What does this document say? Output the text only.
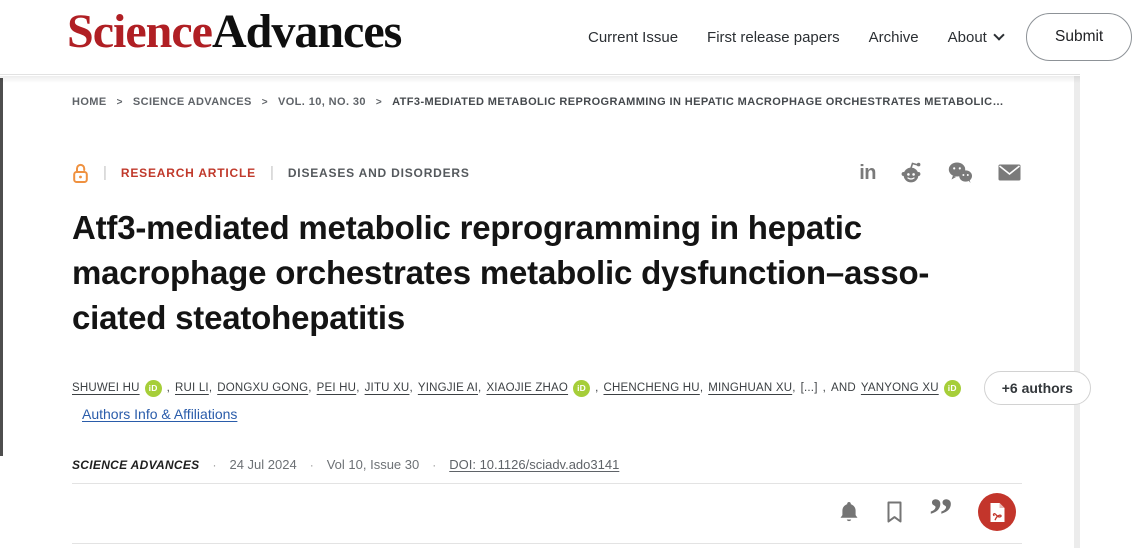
ScienceAdvances	Current Issue First release papers Archive About	Submit
HOME > SCIENCE ADVANCES > VOL. 10, NO. 30 > ATF3-MEDIATED METABOLIC REPROGRAMMING IN HEPATIC MACROPHAGE ORCHESTRATES METABOLIC…
| RESEARCH ARTICLE | DISEASES AND DISORDERS	in
Atf3-mediated metabolic reprogramming in hepatic
macrophage orchestrates metabolic dysfunction–asso-
ciated steatohepatitis
SHUWEI HU	iD , RUI LI , DONGXU GONG , PEI HU , JITU XU , YINGJIE AI , XIAOJIE ZHAO	iD , CHENCHENG HU , MINGHUAN XU , [...] , AND YANYONG XU	iD	+6 authors
Authors Info & Affiliations
SCIENCE ADVANCES · 24 Jul 2024 · Vol 10, Issue 30 · DOI: 10.1126/sciadv.ado3141
”
